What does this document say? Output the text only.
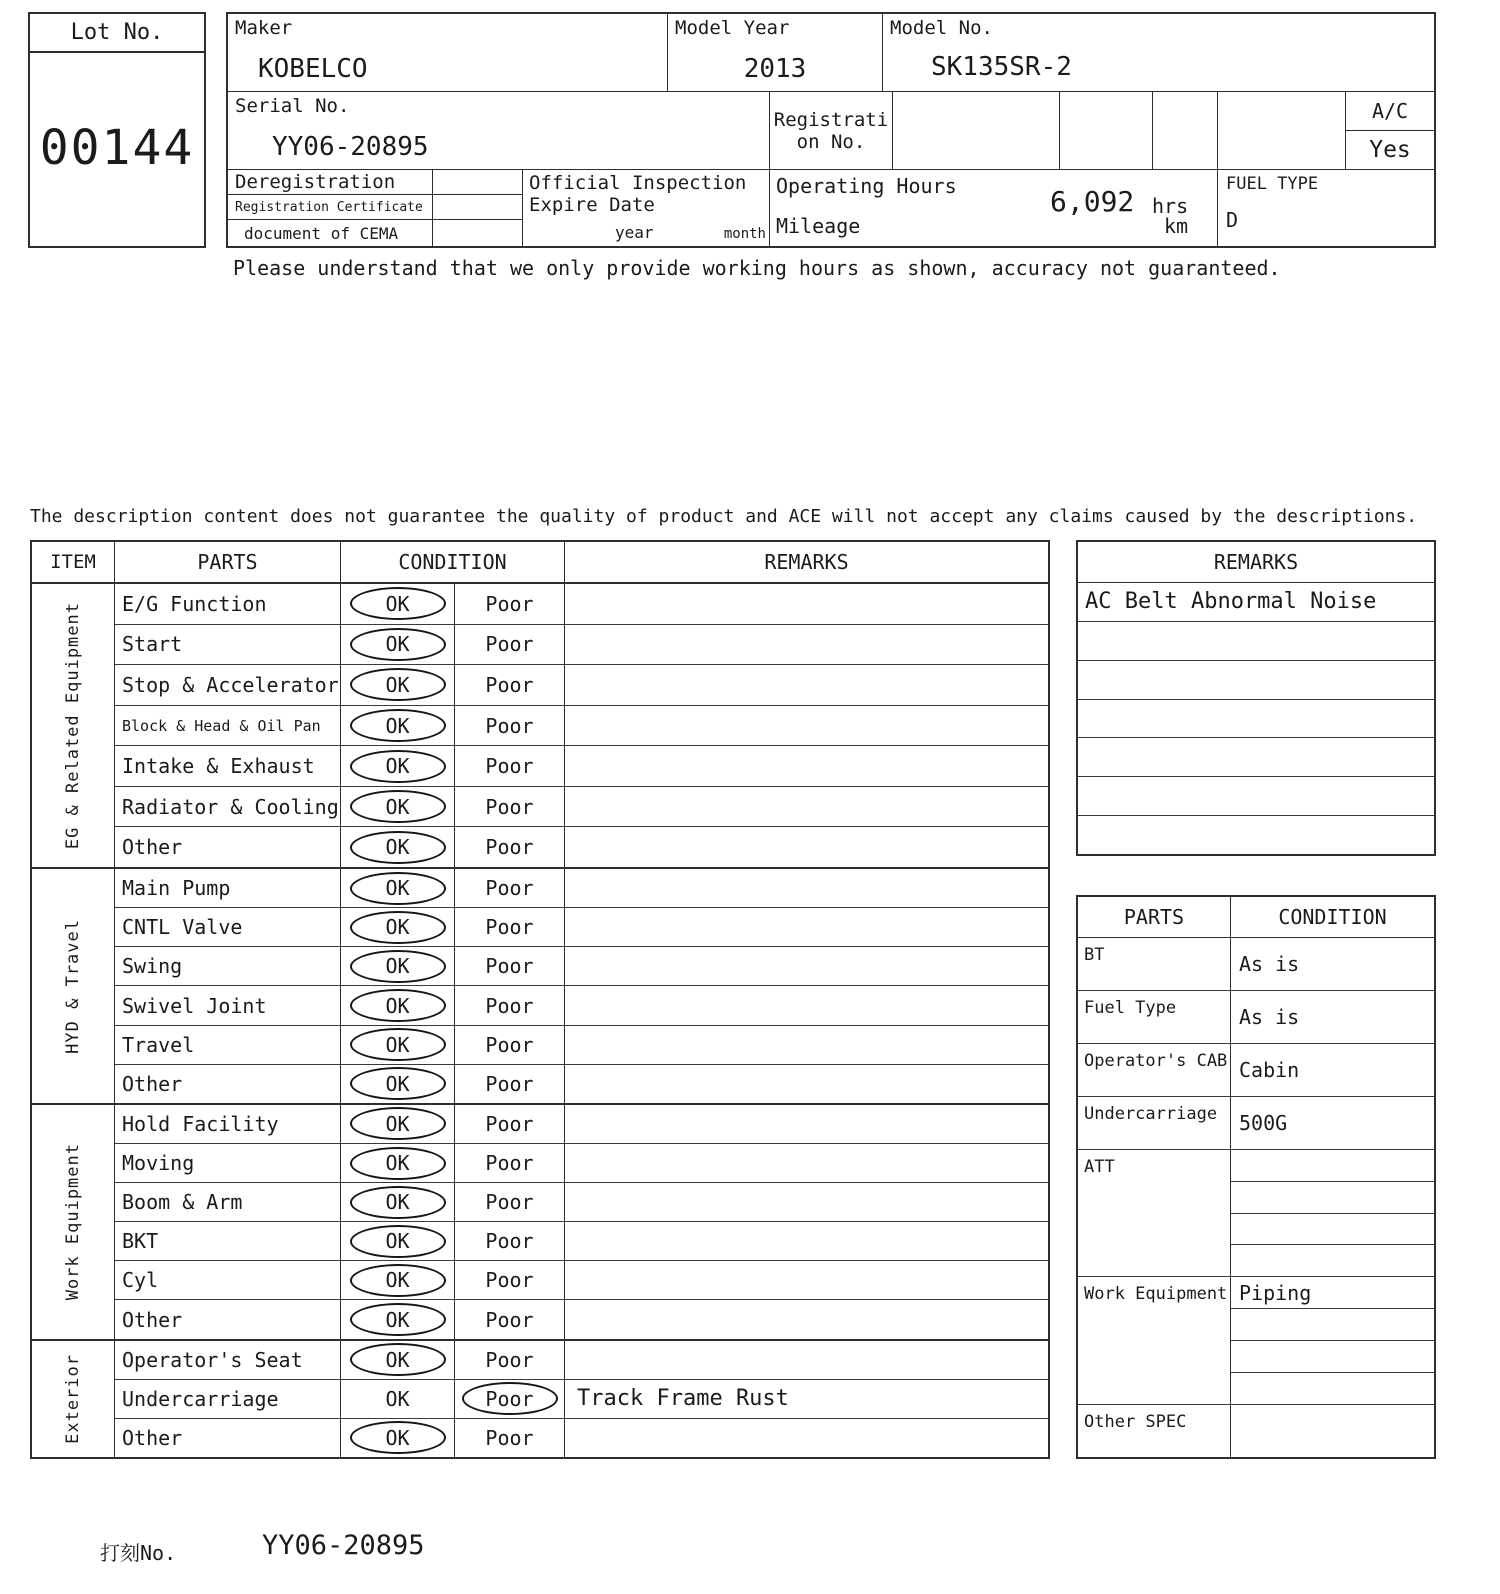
Lot No.
00144
Maker
KOBELCO
Model Year
2013
Model No.
SK135SR-2
Serial No.
YY06-20895
Registrati
on No.
A/C
Yes
Deregistration
Registration Certificate
document of CEMA
Official Inspection
Expire Date
year	month
Operating Hours	6,092 hrs
Mileage	km
FUEL TYPE
D
Please understand that we only provide working hours as shown, accuracy not guaranteed.
The description content does not guarantee the quality of product and ACE will not accept any claims caused by the descriptions.
ITEM	PARTS	CONDITION	REMARKS
EG & Related Equipment	E/G Function	OK	Poor
Start	OK	Poor
Stop & Accelerator	OK	Poor
Block & Head & Oil Pan	OK	Poor
Intake & Exhaust	OK	Poor
Radiator & Cooling	OK	Poor
Other	OK	Poor
HYD & Travel
Main Pump	OK	Poor
CNTL Valve	OK	Poor
Swing	OK	Poor
Swivel Joint	OK	Poor
Travel	OK	Poor
Other	OK	Poor
Work Equipment
Hold Facility	OK	Poor
Moving	OK	Poor
Boom & Arm	OK	Poor
BKT	OK	Poor
Cyl	OK	Poor
Other	OK	Poor
Exterior	Operator's Seat	OK	Poor
Undercarriage	OK	Poor	Track Frame Rust
Other	OK	Poor
REMARKS
AC Belt Abnormal Noise
PARTS	CONDITION
BT	As is
Fuel Type	As is
Operator's CAB Cabin
Undercarriage	500G
ATT
Work Equipment Piping
Other SPEC
打刻No.	YY06-20895
